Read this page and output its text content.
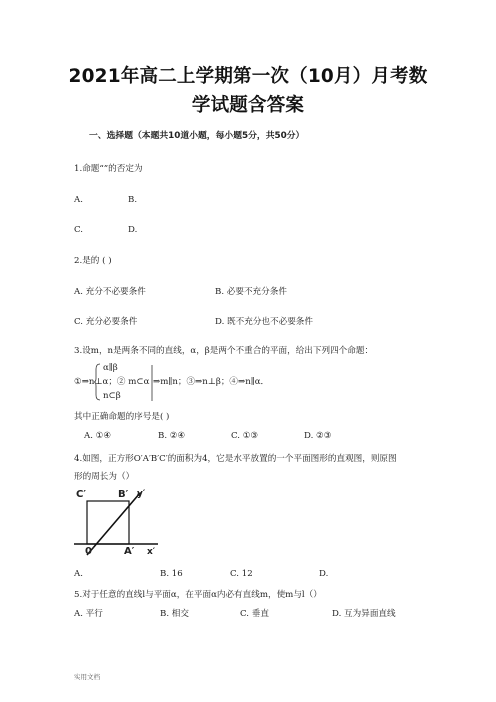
2021年高二上学期第一次（10月）月考数
学试题含答案
一、选择题（本题共10道小题，每小题5分，共50分）
1.命题“”的否定为
A.	B.
C.	D.
2.是的 ( )
A. 充分不必要条件	B. 必要不充分条件
C. 充分必要条件	D. 既不充分也不必要条件
3.设m，n是两条不同的直线，α，β是两个不重合的平面，给出下列四个命题：
α∥β
①⇒n⊥α；② m⊂α ⇒m∥n；③⇒n⊥β；④⇒n∥α．
n⊂β
其中正确命题的序号是( )
A. ①④	B. ②④	C. ①③	D. ②③
4.如图，正方形O′A′B′C′的面积为4，它是水平放置的一个平面图形的直观图，则原图
形的周长为（）
C′	B′ y′
0′	A′ x′
A.	B. 16	C. 12	D.
5.对于任意的直线l与平面α，在平面α内必有直线m，使m与l（）
A. 平行	B. 相交	C. 垂直	D. 互为异面直线
实用文档
